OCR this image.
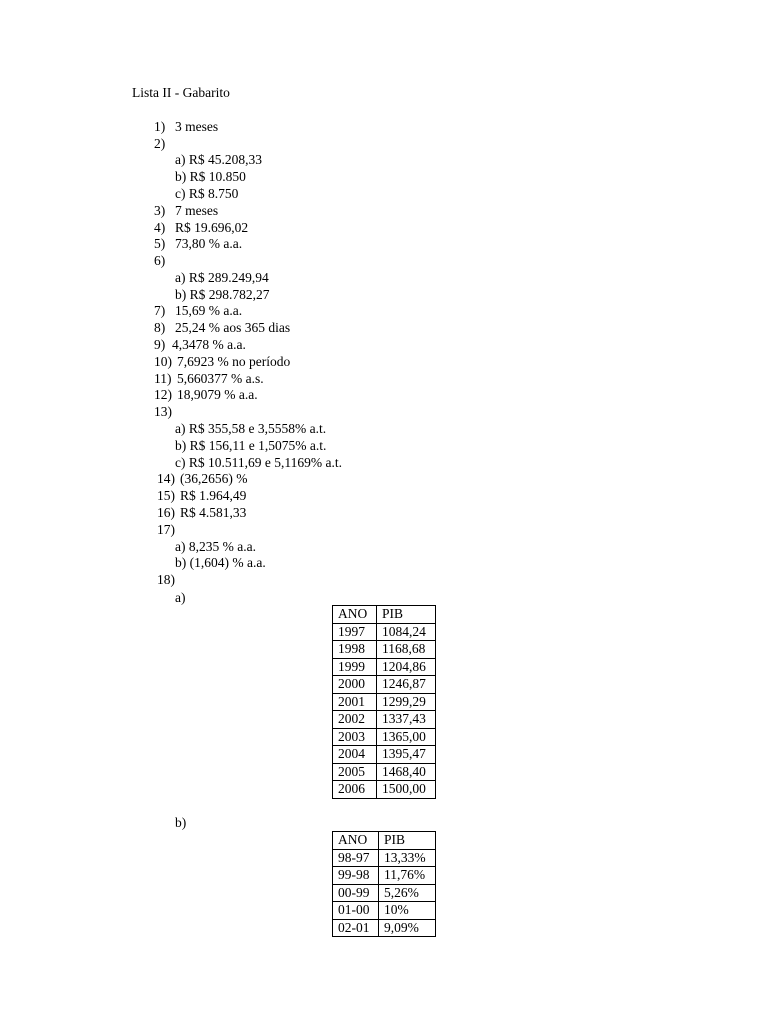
Lista II - Gabarito
1) 3 meses
2)
a) R$ 45.208,33
b) R$ 10.850
c) R$ 8.750
3) 7 meses
4) R$ 19.696,02
5) 73,80 % a.a.
6)
a) R$ 289.249,94
b) R$ 298.782,27
7) 15,69 % a.a.
8) 25,24 % aos 365 dias
9) 4,3478 % a.a.
10) 7,6923 % no período
11) 5,660377 % a.s.
12) 18,9079 % a.a.
13)
a) R$ 355,58 e 3,5558% a.t.
b) R$ 156,11 e 1,5075% a.t.
c) R$ 10.511,69 e 5,1169% a.t.
14) (36,2656) %
15) R$ 1.964,49
16) R$ 4.581,33
17)
a) 8,235 % a.a.
b) (1,604) % a.a.
18)
a)
ANO	PIB
1997	1084,24
1998	1168,68
1999	1204,86
2000	1246,87
2001	1299,29
2002	1337,43
2003	1365,00
2004	1395,47
2005	1468,40
2006	1500,00
b)
ANO	PIB
98-97	13,33%
99-98	11,76%
00-99	5,26%
01-00	10%
02-01	9,09%
